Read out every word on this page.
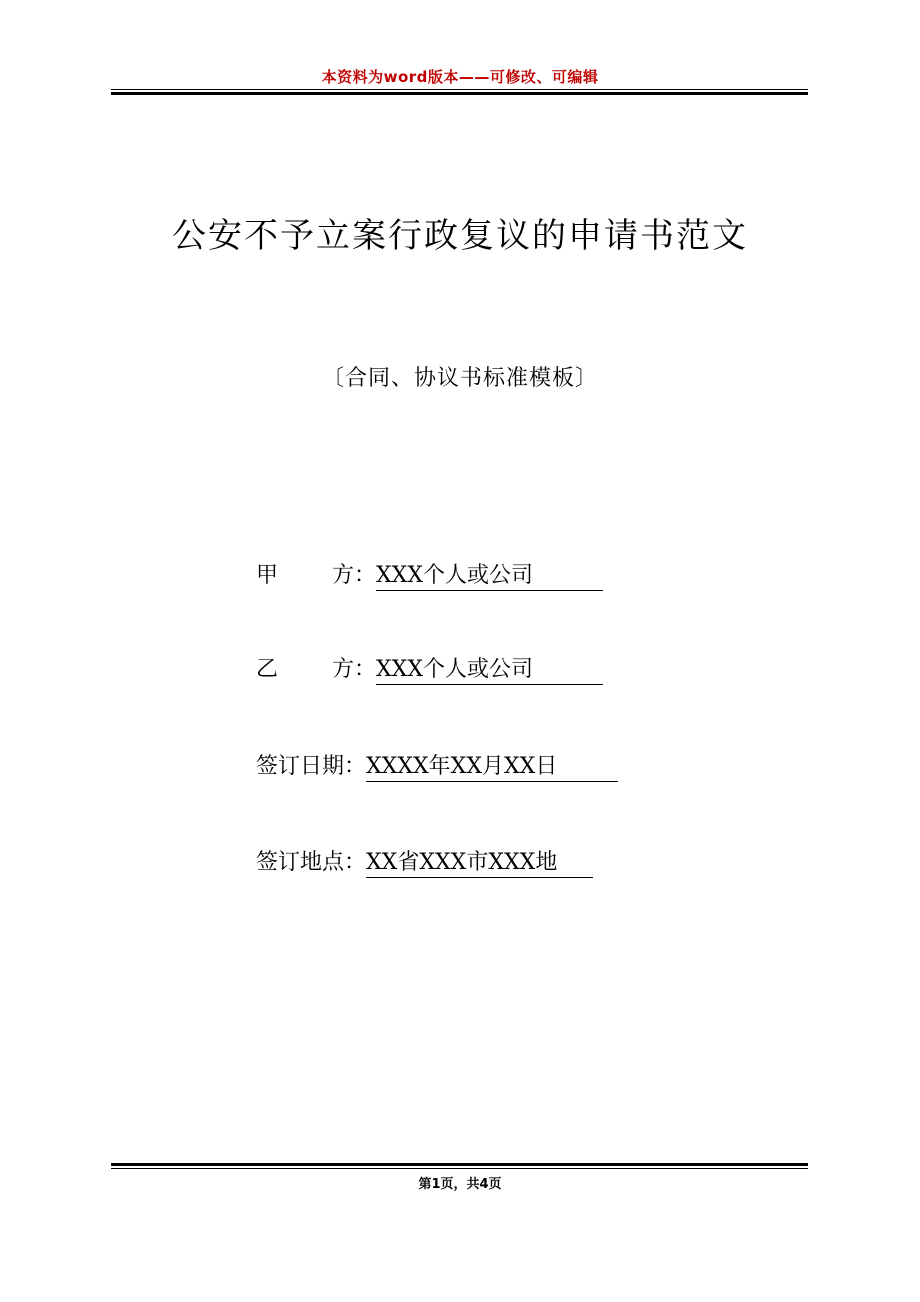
本资料为word版本——可修改、可编辑
公安不予立案行政复议的申请书范文
〔合同、协议书标准模板〕
甲 方：XXX个人或公司
乙 方：XXX个人或公司
签订日期：XXXX年XX月XX日
签订地点：XX省XXX市XXX地
第1页，共4页
